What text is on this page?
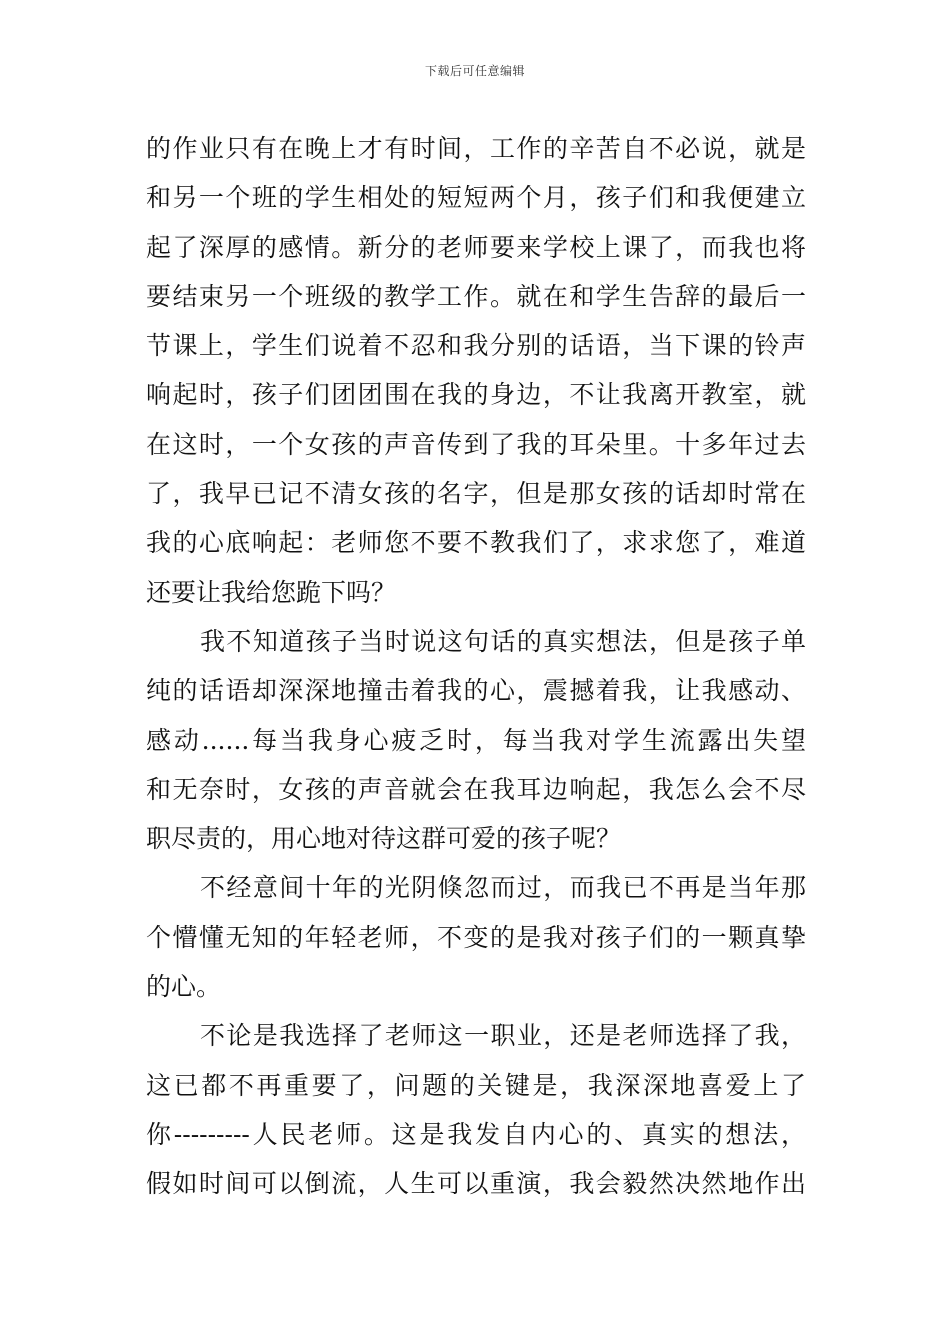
下载后可任意编辑

的作业只有在晚上才有时间，工作的辛苦自不必说，就是
和另一个班的学生相处的短短两个月，孩子们和我便建立
起了深厚的感情。新分的老师要来学校上课了，而我也将
要结束另一个班级的教学工作。就在和学生告辞的最后一
节课上，学生们说着不忍和我分别的话语，当下课的铃声
响起时，孩子们团团围在我的身边，不让我离开教室，就
在这时，一个女孩的声音传到了我的耳朵里。十多年过去
了，我早已记不清女孩的名字，但是那女孩的话却时常在
我的心底响起：老师您不要不教我们了，求求您了，难道
还要让我给您跪下吗？

我不知道孩子当时说这句话的真实想法，但是孩子单
纯的话语却深深地撞击着我的心，震撼着我，让我感动、
感动......每当我身心疲乏时，每当我对学生流露出失望
和无奈时，女孩的声音就会在我耳边响起，我怎么会不尽
职尽责的，用心地对待这群可爱的孩子呢？

不经意间十年的光阴倏忽而过，而我已不再是当年那
个懵懂无知的年轻老师，不变的是我对孩子们的一颗真挚
的心。

不论是我选择了老师这一职业，还是老师选择了我，
这已都不再重要了，问题的关键是，我深深地喜爱上了
你---------人民老师。这是我发自内心的、真实的想法，
假如时间可以倒流，人生可以重演，我会毅然决然地作出
